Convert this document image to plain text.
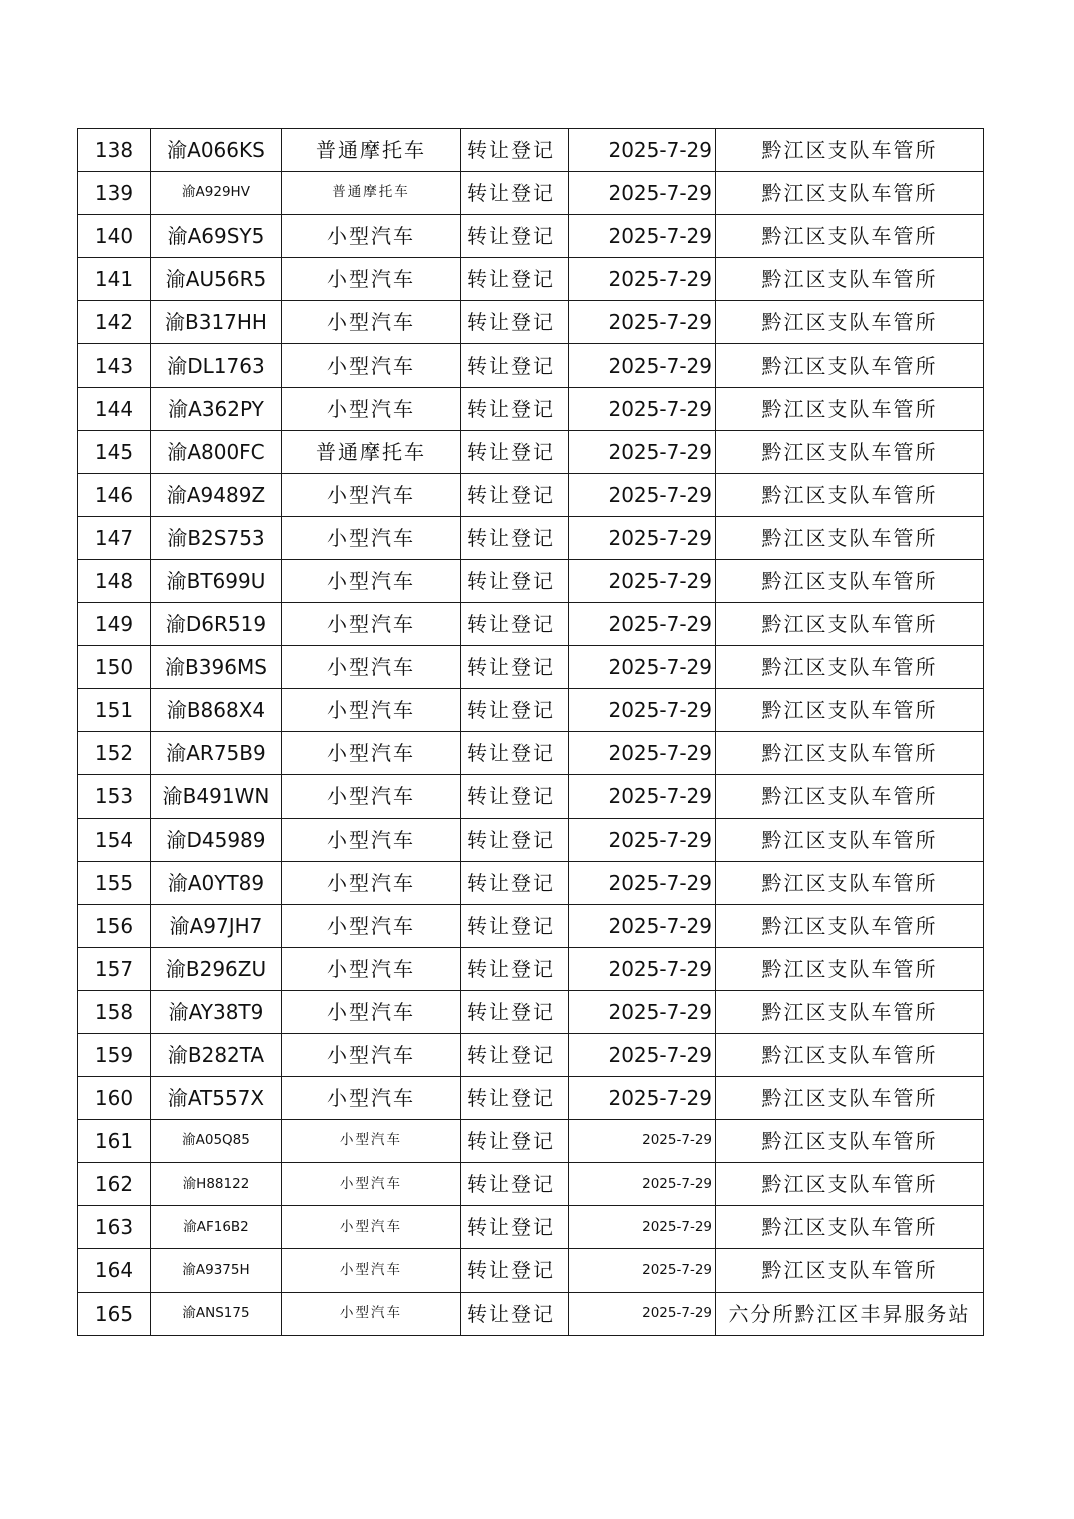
138	渝A066KS	普通摩托车	转让登记	2025-7-29	黔江区支队车管所
139	渝A929HV	普通摩托车	转让登记	2025-7-29	黔江区支队车管所
140	渝A69SY5	小型汽车	转让登记	2025-7-29	黔江区支队车管所
141	渝AU56R5	小型汽车	转让登记	2025-7-29	黔江区支队车管所
142	渝B317HH	小型汽车	转让登记	2025-7-29	黔江区支队车管所
143	渝DL1763	小型汽车	转让登记	2025-7-29	黔江区支队车管所
144	渝A362PY	小型汽车	转让登记	2025-7-29	黔江区支队车管所
145	渝A800FC	普通摩托车	转让登记	2025-7-29	黔江区支队车管所
146	渝A9489Z	小型汽车	转让登记	2025-7-29	黔江区支队车管所
147	渝B2S753	小型汽车	转让登记	2025-7-29	黔江区支队车管所
148	渝BT699U	小型汽车	转让登记	2025-7-29	黔江区支队车管所
149	渝D6R519	小型汽车	转让登记	2025-7-29	黔江区支队车管所
150	渝B396MS	小型汽车	转让登记	2025-7-29	黔江区支队车管所
151	渝B868X4	小型汽车	转让登记	2025-7-29	黔江区支队车管所
152	渝AR75B9	小型汽车	转让登记	2025-7-29	黔江区支队车管所
153	渝B491WN	小型汽车	转让登记	2025-7-29	黔江区支队车管所
154	渝D45989	小型汽车	转让登记	2025-7-29	黔江区支队车管所
155	渝A0YT89	小型汽车	转让登记	2025-7-29	黔江区支队车管所
156	渝A97JH7	小型汽车	转让登记	2025-7-29	黔江区支队车管所
157	渝B296ZU	小型汽车	转让登记	2025-7-29	黔江区支队车管所
158	渝AY38T9	小型汽车	转让登记	2025-7-29	黔江区支队车管所
159	渝B282TA	小型汽车	转让登记	2025-7-29	黔江区支队车管所
160	渝AT557X	小型汽车	转让登记	2025-7-29	黔江区支队车管所
161	渝A05Q85	小型汽车	转让登记	2025-7-29	黔江区支队车管所
162	渝H88122	小型汽车	转让登记	2025-7-29	黔江区支队车管所
163	渝AF16B2	小型汽车	转让登记	2025-7-29	黔江区支队车管所
164	渝A9375H	小型汽车	转让登记	2025-7-29	黔江区支队车管所
165	渝ANS175	小型汽车	转让登记	2025-7-29	六分所黔江区丰昇服务站
